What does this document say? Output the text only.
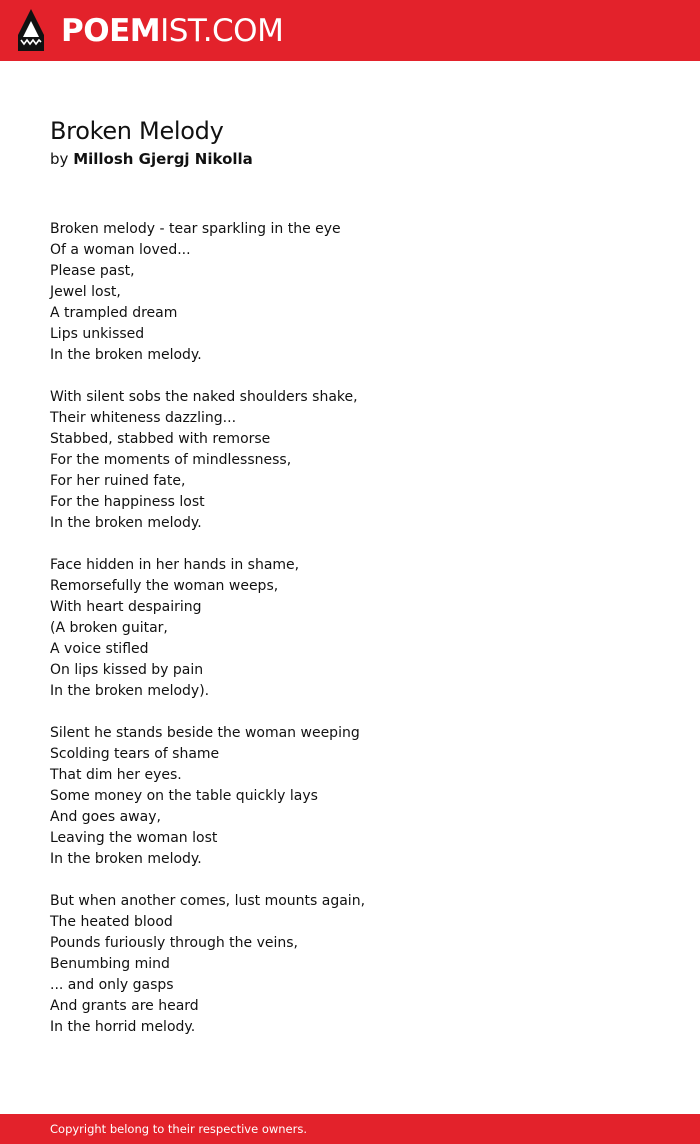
POEMIST.COM
Broken Melody
by Millosh Gjergj Nikolla
Broken melody - tear sparkling in the eye
Of a woman loved...
Please past,
Jewel lost,
A trampled dream
Lips unkissed
In the broken melody.
With silent sobs the naked shoulders shake,
Their whiteness dazzling...
Stabbed, stabbed with remorse
For the moments of mindlessness,
For her ruined fate,
For the happiness lost
In the broken melody.
Face hidden in her hands in shame,
Remorsefully the woman weeps,
With heart despairing
(A broken guitar,
A voice stifled
On lips kissed by pain
In the broken melody).
Silent he stands beside the woman weeping
Scolding tears of shame
That dim her eyes.
Some money on the table quickly lays
And goes away,
Leaving the woman lost
In the broken melody.
But when another comes, lust mounts again,
The heated blood
Pounds furiously through the veins,
Benumbing mind
... and only gasps
And grants are heard
In the horrid melody.
Copyright belong to their respective owners.
